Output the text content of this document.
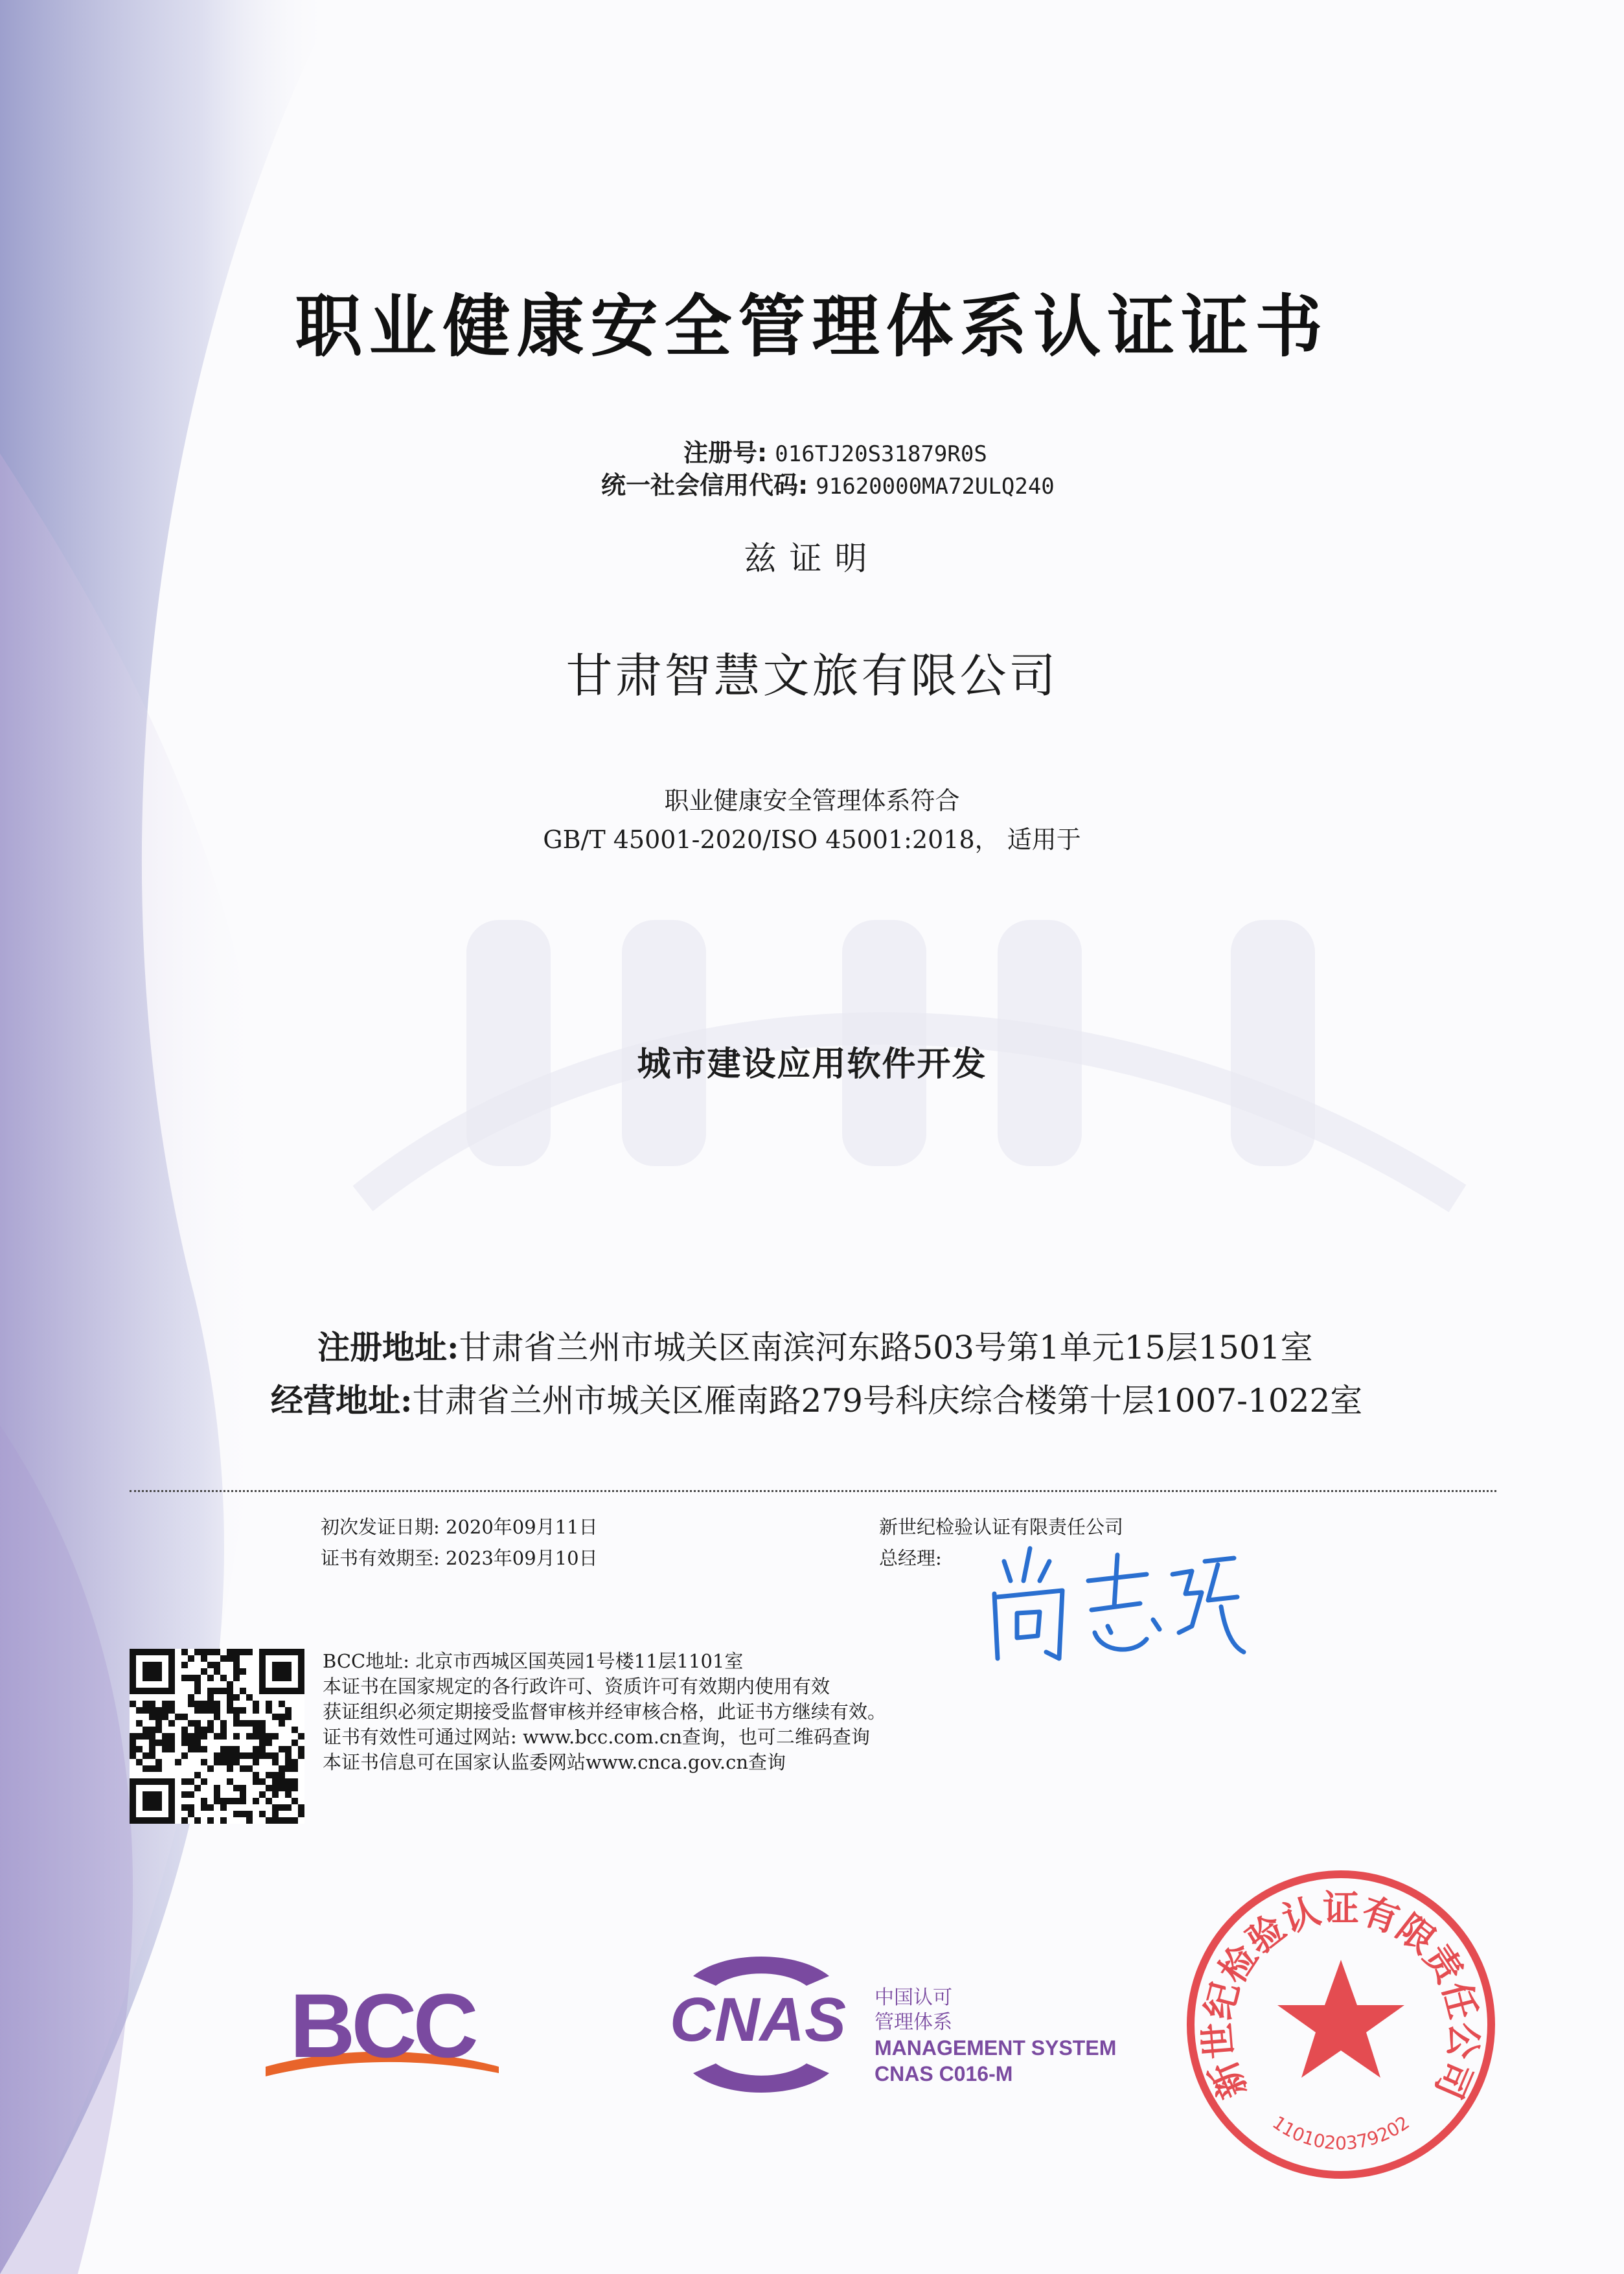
职业健康安全管理体系认证证书
注册号: 016TJ20S31879R0S
统一社会信用代码: 91620000MA72ULQ240
兹证明
甘肃智慧文旅有限公司
职业健康安全管理体系符合
GB/T 45001-2020/ISO 45001:2018， 适用于
城市建设应用软件开发
注册地址:甘肃省兰州市城关区南滨河东路503号第1单元15层1501室
经营地址:甘肃省兰州市城关区雁南路279号科庆综合楼第十层1007-1022室
初次发证日期: 2020年09月11日
证书有效期至: 2023年09月10日
新世纪检验认证有限责任公司
总经理:
BCC地址: 北京市西城区国英园1号楼11层1101室
本证书在国家规定的各行政许可、资质许可有效期内使用有效
获证组织必须定期接受监督审核并经审核合格，此证书方继续有效。
证书有效性可通过网站: www.bcc.com.cn查询，也可二维码查询
本证书信息可在国家认监委网站www.cnca.gov.cn查询
BCC	CNAS 中国认可
管理体系
MANAGEMENT SYSTEM
CNAS C016-M	新世纪检验认证有限责任公司
1101020379202
